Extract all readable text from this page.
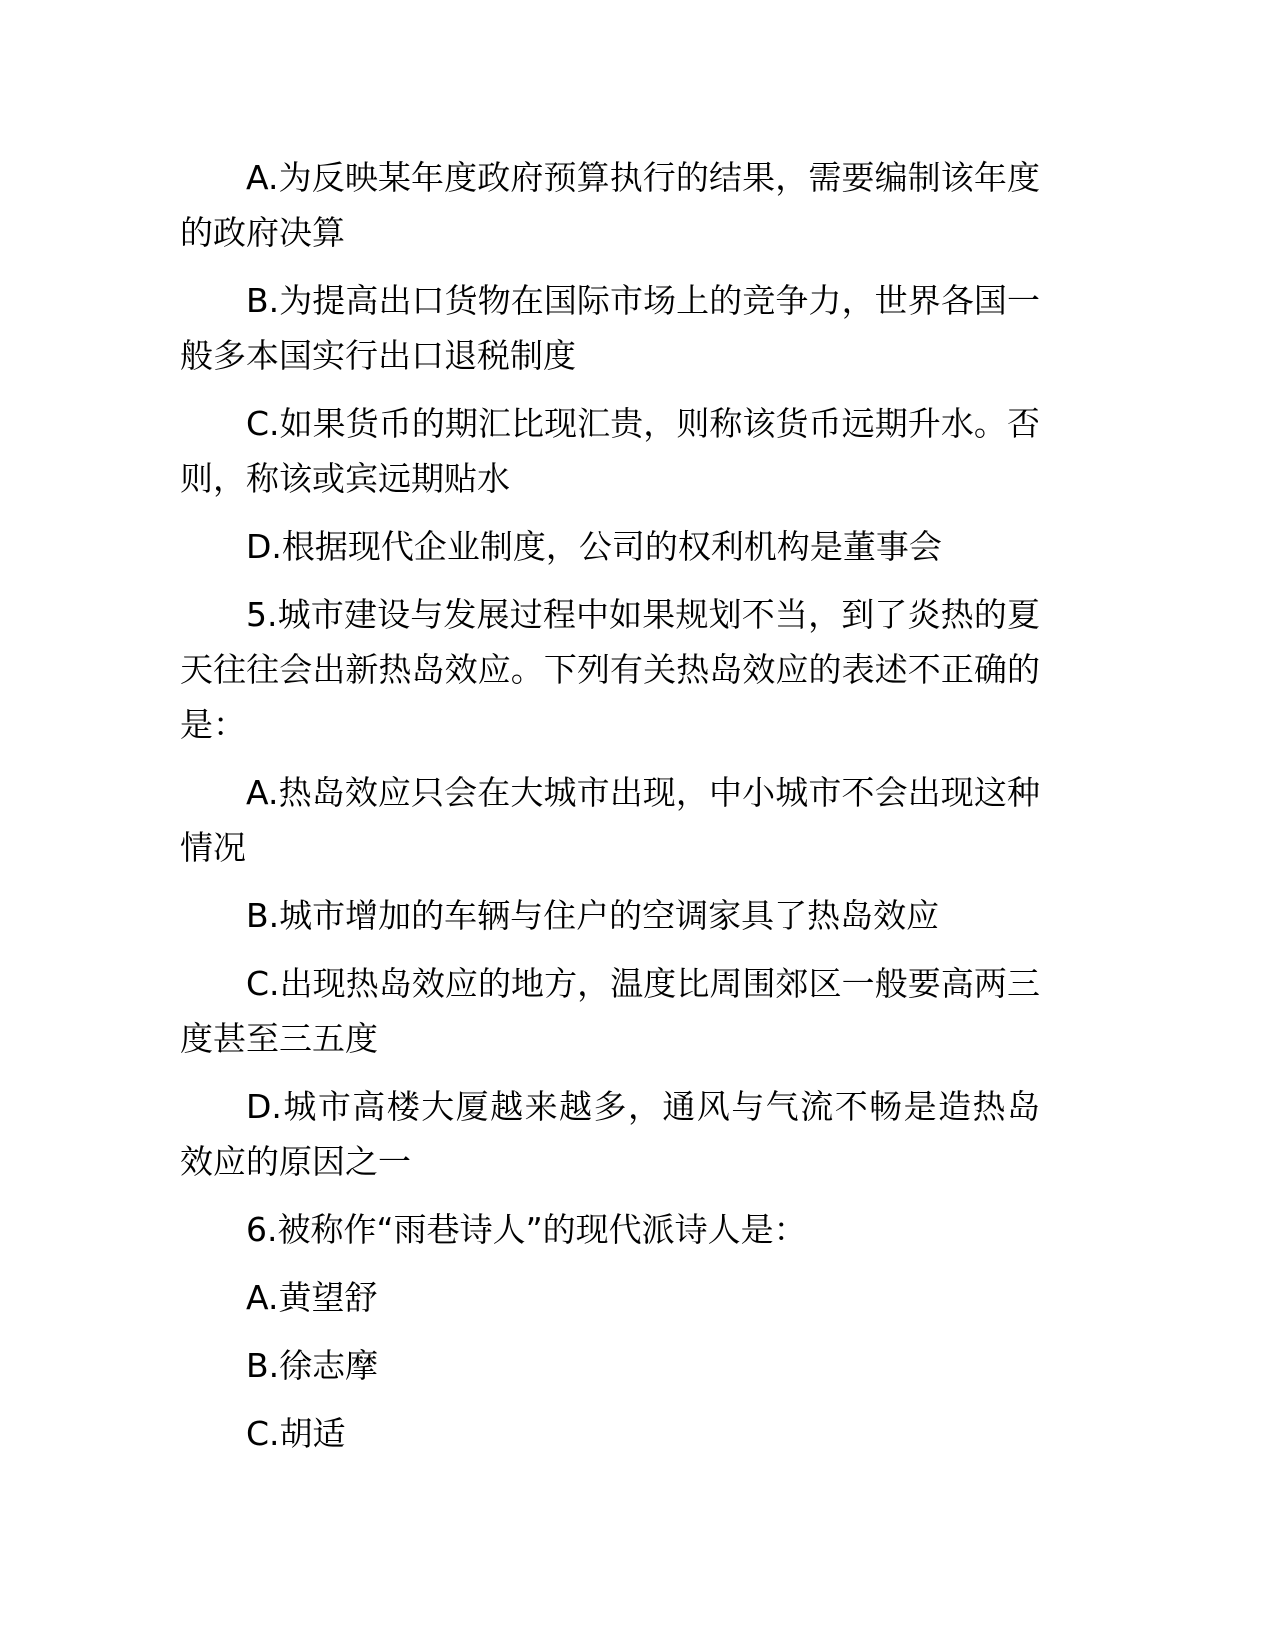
A.为反映某年度政府预算执行的结果，需要编制该年度的政府决算

B.为提高出口货物在国际市场上的竞争力，世界各国一般多本国实行出口退税制度

C.如果货币的期汇比现汇贵，则称该货币远期升水。否则，称该或宾远期贴水

D.根据现代企业制度，公司的权利机构是董事会

5.城市建设与发展过程中如果规划不当，到了炎热的夏天往往会出新热岛效应。下列有关热岛效应的表述不正确的是：

A.热岛效应只会在大城市出现，中小城市不会出现这种情况

B.城市增加的车辆与住户的空调家具了热岛效应

C.出现热岛效应的地方，温度比周围郊区一般要高两三度甚至三五度

D.城市高楼大厦越来越多，通风与气流不畅是造热岛效应的原因之一

6.被称作“雨巷诗人”的现代派诗人是：

A.黄望舒

B.徐志摩

C.胡适
